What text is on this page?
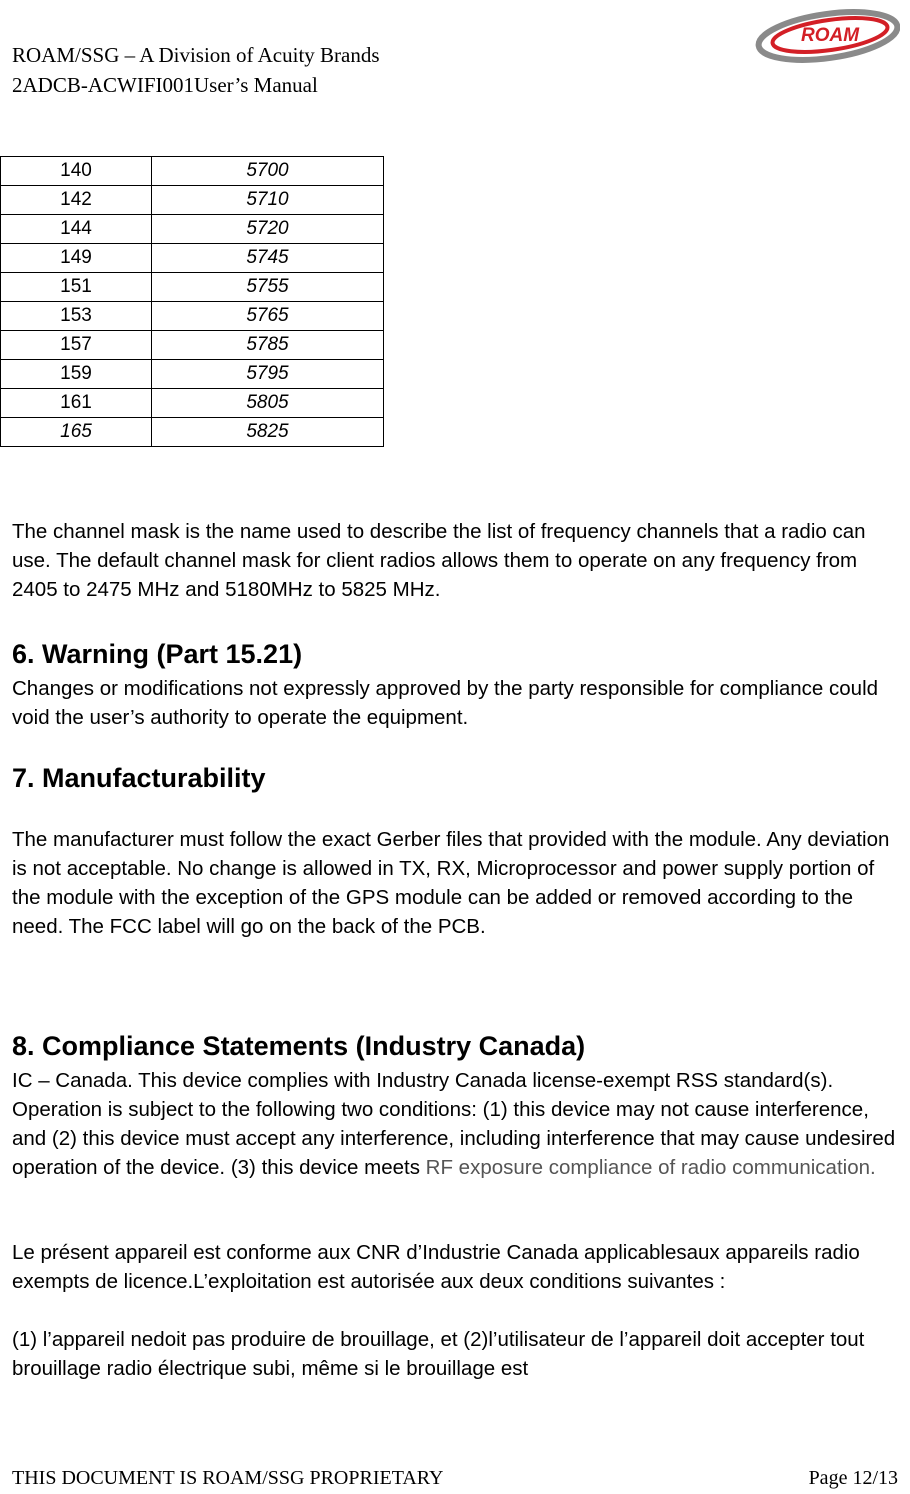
ROAM/SSG – A Division of Acuity Brands
2ADCB-ACWIFI001User’s Manual
ROAM
140	5700
142	5710
144	5720
149	5745
151	5755
153	5765
157	5785
159	5795
161	5805
165	5825

The channel mask is the name used to describe the list of frequency channels that a radio can use. The default channel mask for client radios allows them to operate on any frequency from 2405 to 2475 MHz and 5180MHz to 5825 MHz.

6. Warning (Part 15.21)

Changes or modifications not expressly approved by the party responsible for compliance could void the user’s authority to operate the equipment.

7. Manufacturability

The manufacturer must follow the exact Gerber files that provided with the module. Any deviation is not acceptable. No change is allowed in TX, RX, Microprocessor and power supply portion of the module with the exception of the GPS module can be added or removed according to the need. The FCC label will go on the back of the PCB.

8. Compliance Statements (Industry Canada)

IC – Canada. This device complies with Industry Canada license-exempt RSS standard(s). Operation is subject to the following two conditions: (1) this device may not cause interference, and (2) this device must accept any interference, including interference that may cause undesired operation of the device. (3) this device meets RF exposure compliance of radio communication.

Le présent appareil est conforme aux CNR d’Industrie Canada applicablesaux appareils radio exempts de licence.L’exploitation est autorisée aux deux conditions suivantes :

(1) l’appareil nedoit pas produire de brouillage, et (2)l’utilisateur de l’appareil doit accepter tout brouillage radio électrique subi, même si le brouillage est

THIS DOCUMENT IS ROAM/SSG PROPRIETARY	Page 12/13
